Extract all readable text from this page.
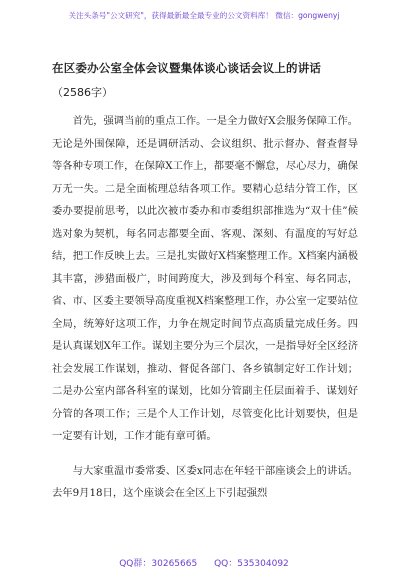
关注头条号"公文研究"，获得最新最全最专业的公文资料库！ 微信：gongwenyj
在区委办公室全体会议暨集体谈心谈话会议上的讲话
（2586字）

首先，强调当前的重点工作。一是全力做好X会服务保障工作。无论是外围保障，还是调研活动、会议组织、批示督办、督查督导等各种专项工作，在保障X工作上，都要毫不懈怠，尽心尽力，确保万无一失。二是全面梳理总结各项工作。要精心总结分管工作，区委办要提前思考，以此次被市委办和市委组织部推选为“双十佳”候选对象为契机，每名同志都要全面、客观、深刻、有温度的写好总结，把工作反映上去。三是扎实做好X档案整理工作。X档案内涵极其丰富，涉猎面极广，时间跨度大，涉及到每个科室、每名同志，省、市、区委主要领导高度重视X档案整理工作，办公室一定要站位全局，统筹好这项工作，力争在规定时间节点高质量完成任务。四是认真谋划X年工作。谋划主要分为三个层次，一是指导好全区经济社会发展工作谋划，推动、督促各部门、各乡镇制定好工作计划；二是办公室内部各科室的谋划，比如分管副主任层面着手、谋划好分管的各项工作；三是个人工作计划，尽管变化比计划要快，但是一定要有计划，工作才能有章可循。

与大家重温市委常委、区委x同志在年轻干部座谈会上的讲话。去年9月18日，这个座谈会在全区上下引起强烈

QQ群：30265665 QQ：535304092
